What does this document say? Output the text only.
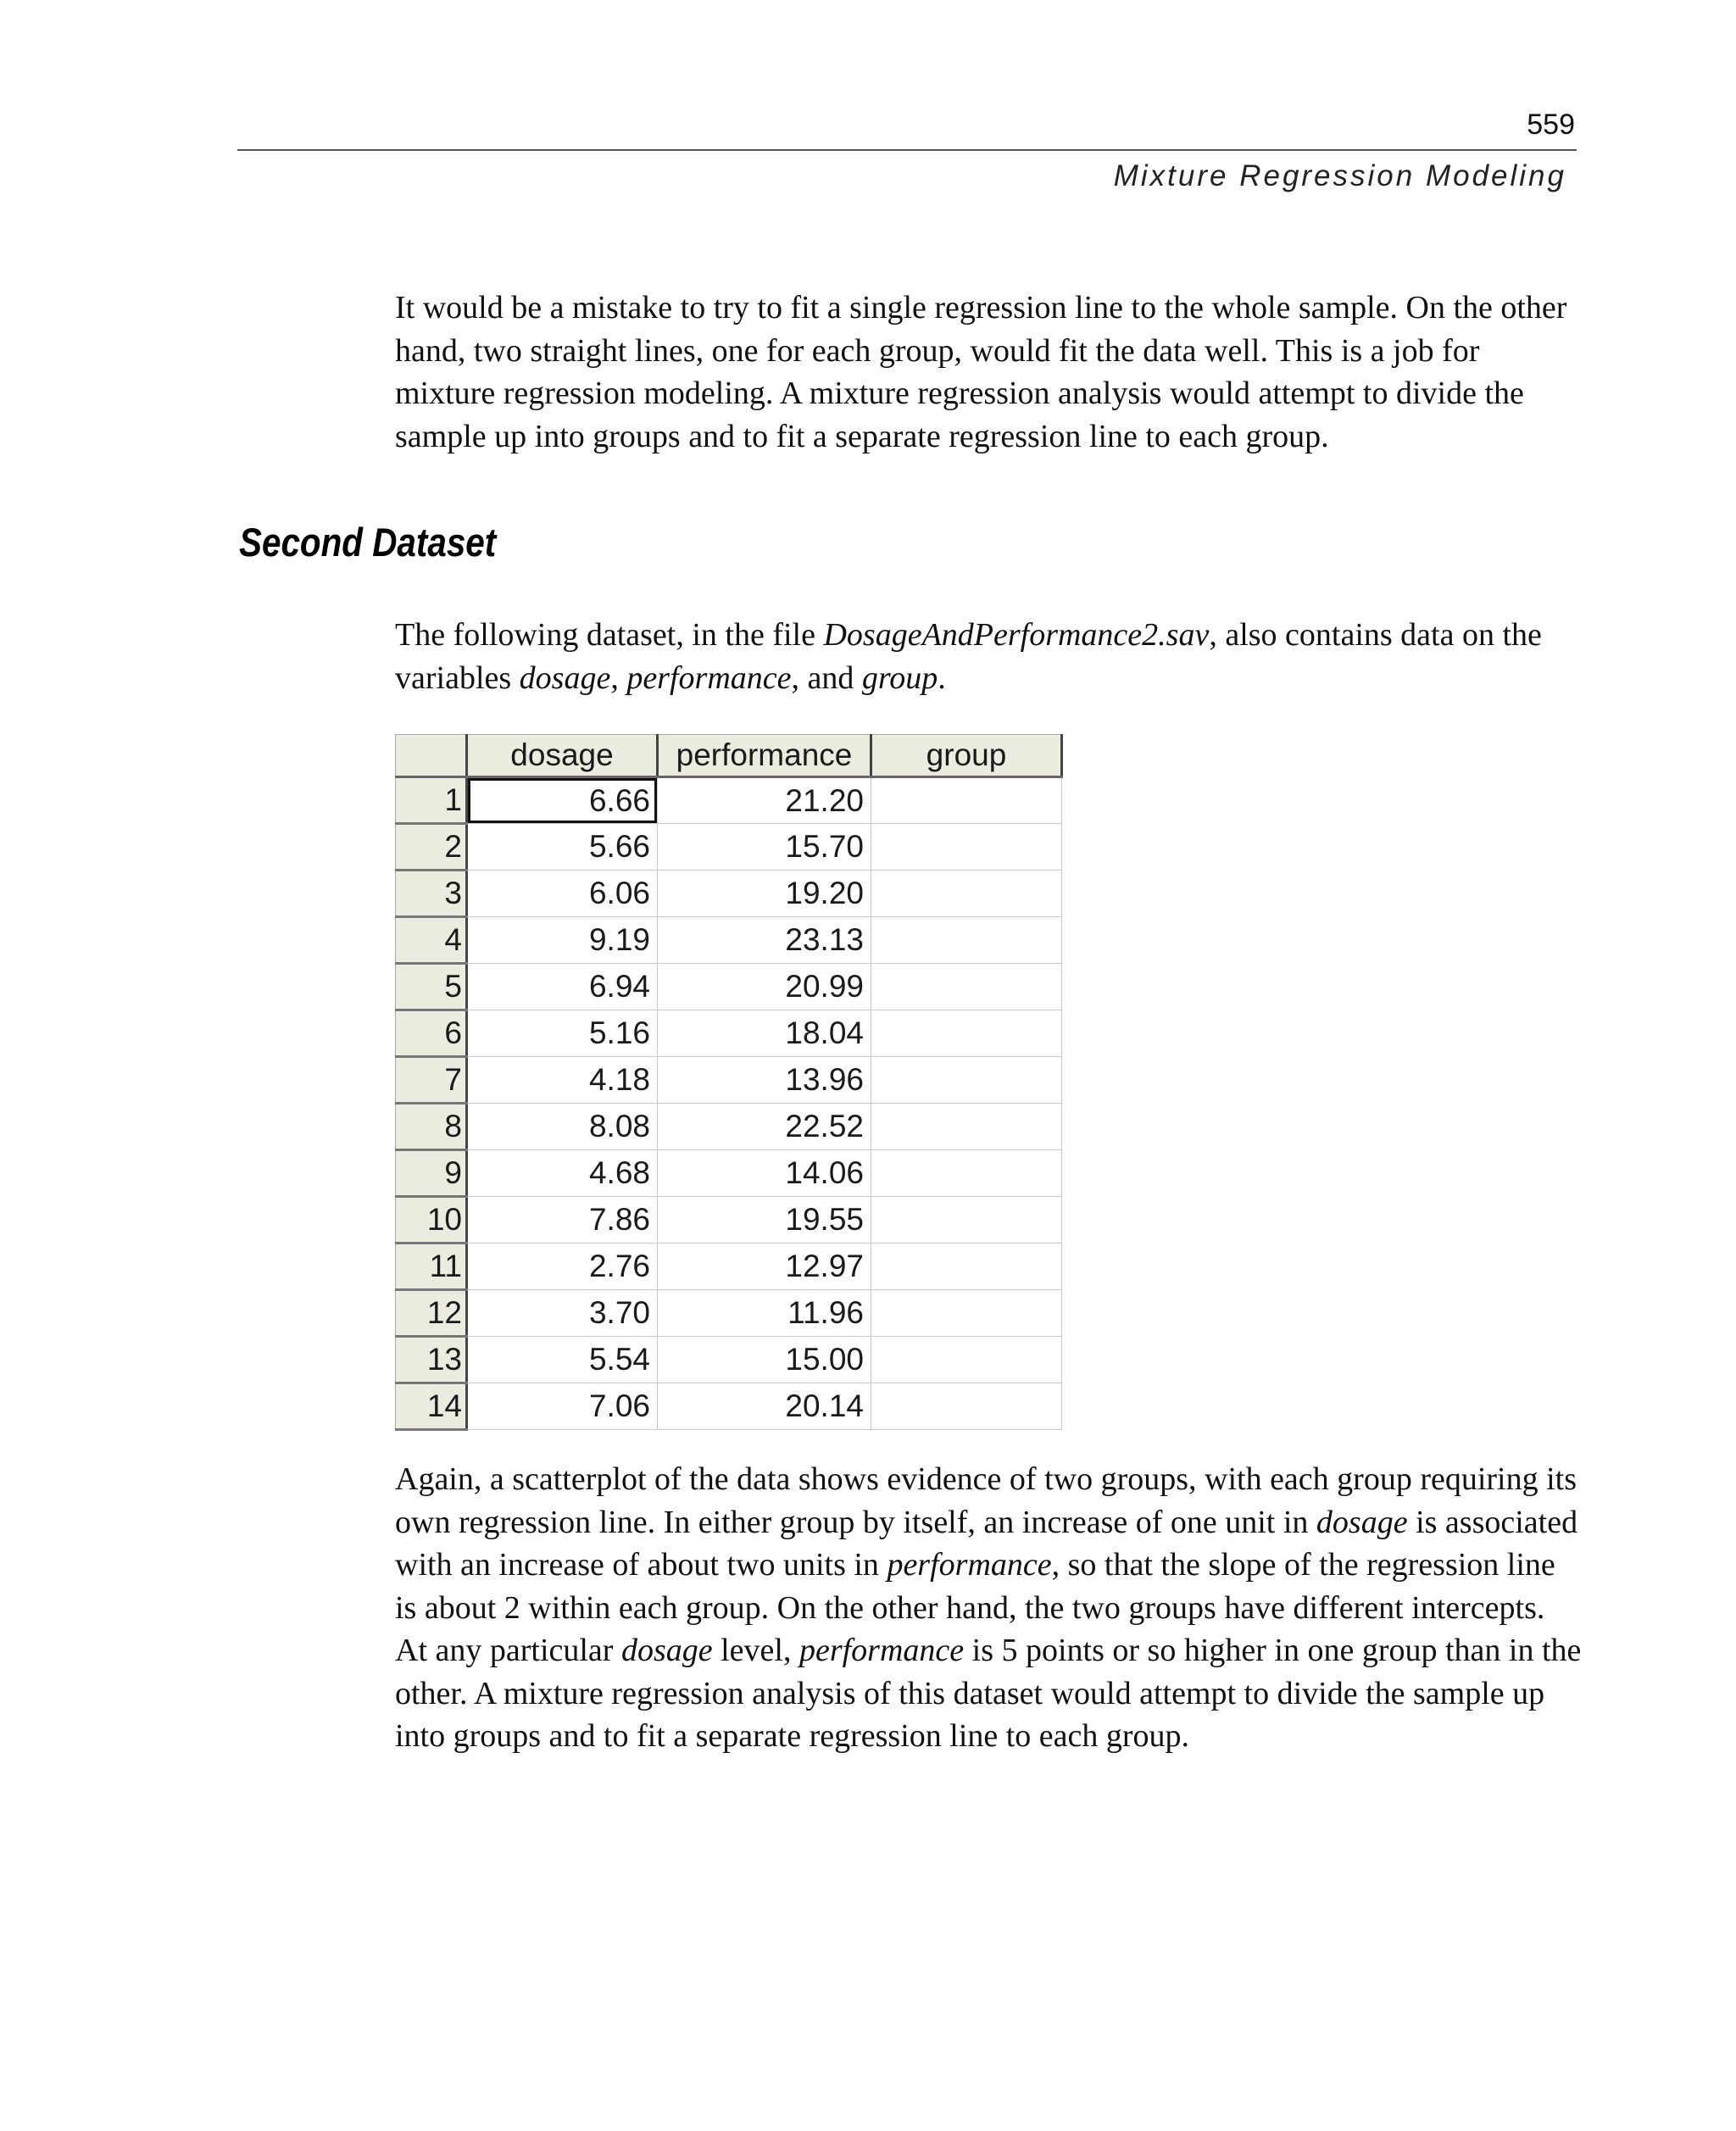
559
Mixture Regression Modeling

It would be a mistake to try to fit a single regression line to the whole sample. On the other hand, two straight lines, one for each group, would fit the data well. This is a job for mixture regression modeling. A mixture regression analysis would attempt to divide the sample up into groups and to fit a separate regression line to each group.

Second Dataset

The following dataset, in the file DosageAndPerformance2.sav, also contains data on the variables dosage, performance, and group.

	dosage	performance	group
1	6.66	21.20	
2	5.66	15.70	
3	6.06	19.20	
4	9.19	23.13	
5	6.94	20.99	
6	5.16	18.04	
7	4.18	13.96	
8	8.08	22.52	
9	4.68	14.06	
10	7.86	19.55	
11	2.76	12.97	
12	3.70	11.96	
13	5.54	15.00	
14	7.06	20.14	

Again, a scatterplot of the data shows evidence of two groups, with each group requiring its own regression line. In either group by itself, an increase of one unit in dosage is associated with an increase of about two units in performance, so that the slope of the regression line is about 2 within each group. On the other hand, the two groups have different intercepts. At any particular dosage level, performance is 5 points or so higher in one group than in the other. A mixture regression analysis of this dataset would attempt to divide the sample up into groups and to fit a separate regression line to each group.
